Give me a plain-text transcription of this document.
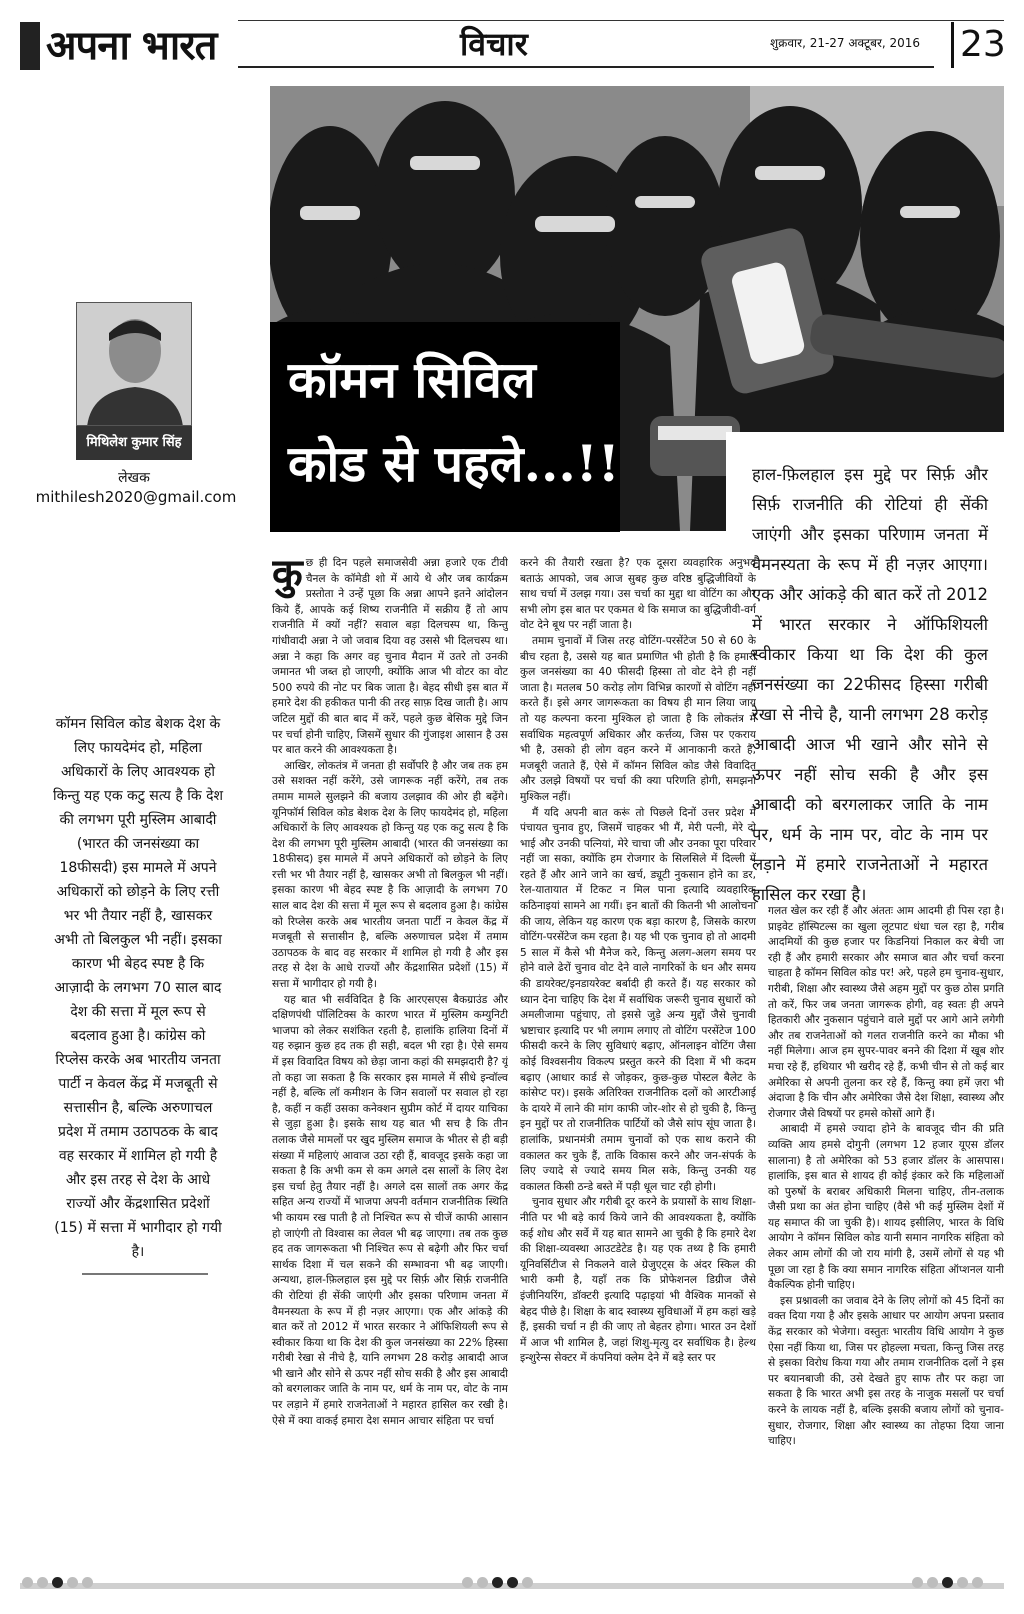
अपना भारत	विचार	शुक्रवार, 21-27 अक्टूबर, 2016 23
कॉमन सिविल
कोड से पहले...!!	हाल-फ़िलहाल इस मुद्दे पर सिर्फ़ और सिर्फ़ राजनीति की रोटियां ही सेंकी जाएंगी और इसका परिणाम जनता में वैमनस्यता के रूप में ही नज़र आएगा। एक और आंकड़े की बात करें तो 2012 में भारत सरकार ने ऑफिशियली स्वीकार किया था कि देश की कुल जनसंख्या का 22फीसद हिस्सा गरीबी रेखा से नीचे है, यानी लगभग 28 करोड़ आबादी आज भी खाने और सोने से ऊपर नहीं सोच सकी है और इस आबादी को बरगलाकर जाति के नाम पर, धर्म के नाम पर, वोट के नाम पर लड़ाने में हमारे राजनेताओं ने महारत हासिल कर रखा है।
मिथिलेश कुमार सिंह
लेखक
mithilesh2020@gmail.com
कॉमन सिविल कोड बेशक देश के लिए फायदेमंद हो, महिला अधिकारों के लिए आवश्यक हो किन्तु यह एक कटु सत्य है कि देश की लगभग पूरी मुस्लिम आबादी (भारत की जनसंख्या का 18फीसदी) इस मामले में अपने अधिकारों को छोड़ने के लिए रत्ती भर भी तैयार नहीं है, खासकर अभी तो बिलकुल भी नहीं। इसका कारण भी बेहद स्पष्ट है कि आज़ादी के लगभग 70 साल बाद देश की सत्ता में मूल रूप से बदलाव हुआ है। कांग्रेस को रिप्लेस करके अब भारतीय जनता पार्टी न केवल केंद्र में मजबूती से सत्तासीन है, बल्कि अरुणाचल प्रदेश में तमाम उठापठक के बाद वह सरकार में शामिल हो गयी है और इस तरह से देश के आधे राज्यों और केंद्रशासित प्रदेशों (15) में सत्ता में भागीदार हो गयी है।

कुछ ही दिन पहले समाजसेवी अन्ना हजारे एक टीवी चैनल के कॉमेडी शो में आये थे और जब कार्यक्रम प्रस्तोता ने उन्हें पूछा कि अन्ना आपने इतने आंदोलन किये हैं, आपके कई शिष्य राजनीति में सक्रीय हैं तो आप राजनीति में क्यों नहीं? सवाल बड़ा दिलचस्प था, किन्तु गांधीवादी अन्ना ने जो जवाब दिया वह उससे भी दिलचस्प था। अन्ना ने कहा कि अगर वह चुनाव मैदान में उतरे तो उनकी जमानत भी जब्त हो जाएगी, क्योंकि आज भी वोटर का वोट 500 रुपये की नोट पर बिक जाता है। बेहद सीधी इस बात में हमारे देश की हकीकत पानी की तरह साफ़ दिख जाती है। आप जटिल मुद्दों की बात बाद में करें, पहले कुछ बेसिक मुद्दे जिन पर चर्चा होनी चाहिए, जिसमें सुधार की गुंजाइश आसान है उस पर बात करने की आवश्यकता है।

आखिर, लोकतंत्र में जनता ही सर्वोपरि है और जब तक हम उसे सशक्त नहीं करेंगे, उसे जागरूक नहीं करेंगे, तब तक तमाम मामले सुलझने की बजाय उलझाव की ओर ही बढ़ेंगे। यूनिफॉर्म सिविल कोड बेशक देश के लिए फायदेमंद हो, महिला अधिकारों के लिए आवश्यक हो किन्तु यह एक कटु सत्य है कि देश की लगभग पूरी मुस्लिम आबादी (भारत की जनसंख्या का 18फीसद) इस मामले में अपने अधिकारों को छोड़ने के लिए रत्ती भर भी तैयार नहीं है, खासकर अभी तो बिलकुल भी नहीं। इसका कारण भी बेहद स्पष्ट है कि आज़ादी के लगभग 70 साल बाद देश की सत्ता में मूल रूप से बदलाव हुआ है। कांग्रेस को रिप्लेस करके अब भारतीय जनता पार्टी न केवल केंद्र में मजबूती से सत्तासीन है, बल्कि अरुणाचल प्रदेश में तमाम उठापठक के बाद वह सरकार में शामिल हो गयी है और इस तरह से देश के आधे राज्यों और केंद्रशासित प्रदेशों (15) में सत्ता में भागीदार हो गयी है।

यह बात भी सर्वविदित है कि आरएसएस बैकग्राउंड और दक्षिणपंथी पॉलिटिक्स के कारण भारत में मुस्लिम कम्युनिटी भाजपा को लेकर सशंकित रहती है, हालांकि हालिया दिनों में यह रुझान कुछ हद तक ही सही, बदल भी रहा है। ऐसे समय में इस विवादित विषय को छेड़ा जाना कहां की समझदारी है? यूं तो कहा जा सकता है कि सरकार इस मामले में सीधे इन्वॉल्व नहीं है, बल्कि लॉ कमीशन के जिन सवालों पर सवाल हो रहा है, कहीं न कहीं उसका कनेक्शन सुप्रीम कोर्ट में दायर याचिका से जुड़ा हुआ है। इसके साथ यह बात भी सच है कि तीन तलाक जैसे मामलों पर खुद मुस्लिम समाज के भीतर से ही बड़ी संख्या में महिलाएं आवाज उठा रही हैं, बावजूद इसके कहा जा सकता है कि अभी कम से कम अगले दस सालों के लिए देश इस चर्चा हेतु तैयार नहीं है। अगले दस सालों तक अगर केंद्र सहित अन्य राज्यों में भाजपा अपनी वर्तमान राजनीतिक स्थिति भी कायम रख पाती है तो निश्चित रूप से चीजें काफी आसान हो जाएंगी तो विश्वास का लेवल भी बढ़ जाएगा। तब तक कुछ हद तक जागरूकता भी निश्चित रूप से बढ़ेगी और फिर चर्चा सार्थक दिशा में चल सकने की सम्भावना भी बढ़ जाएगी। अन्यथा, हाल-फ़िलहाल इस मुद्दे पर सिर्फ़ और सिर्फ़ राजनीति की रोटियां ही सेंकी जाएंगी और इसका परिणाम जनता में वैमनस्यता के रूप में ही नज़र आएगा। एक और आंकड़े की बात करें तो 2012 में भारत सरकार ने ऑफिशियली रूप से स्वीकार किया था कि देश की कुल जनसंख्या का 22% हिस्सा गरीबी रेखा से नीचे है, यानि लगभग 28 करोड़ आबादी आज भी खाने और सोने से ऊपर नहीं सोच सकी है और इस आबादी को बरगलाकर जाति के नाम पर, धर्म के नाम पर, वोट के नाम पर लड़ाने में हमारे राजनेताओं ने महारत हासिल कर रखी है। ऐसे में क्या वाकई हमारा देश समान आचार संहिता पर चर्चा

करने की तैयारी रखता है? एक दूसरा व्यवहारिक अनुभव बताऊं आपको, जब आज सुबह कुछ वरिष्ठ बुद्धिजीवियों के साथ चर्चा में उलझ गया। उस चर्चा का मुद्दा था वोटिंग का और सभी लोग इस बात पर एकमत थे कि समाज का बुद्धिजीवी-वर्ग वोट देने बूथ पर नहीं जाता है।

तमाम चुनावों में जिस तरह वोटिंग-परसेंटेज 50 से 60 के बीच रहता है, उससे यह बात प्रमाणित भी होती है कि हमारी कुल जनसंख्या का 40 फीसदी हिस्सा तो वोट देने ही नहीं जाता है। मतलब 50 करोड़ लोग विभिन्न कारणों से वोटिंग नहीं करते हैं। इसे अगर जागरूकता का विषय ही मान लिया जाय तो यह कल्पना करना मुश्किल हो जाता है कि लोकतंत्र में सर्वाधिक महत्वपूर्ण अधिकार और कर्त्तव्य, जिस पर एकराय भी है, उसको ही लोग वहन करने में आनाकानी करते हैं, मजबूरी जताते हैं, ऐसे में कॉमन सिविल कोड जैसे विवादित और उलझे विषयों पर चर्चा की क्या परिणति होगी, समझना मुश्किल नहीं।

मैं यदि अपनी बात करूं तो पिछले दिनों उत्तर प्रदेश में पंचायत चुनाव हुए, जिसमें चाहकर भी मैं, मेरी पत्नी, मेरे दो भाई और उनकी पत्नियां, मेरे चाचा जी और उनका पूरा परिवार नहीं जा सका, क्योंकि हम रोजगार के सिलसिले में दिल्ली में रहते हैं और आने जाने का खर्च, ड्यूटी नुकसान होने का डर, रेल-यातायात में टिकट न मिल पाना इत्यादि व्यवहारिक कठिनाइयां सामने आ गयीं। इन बातों की कितनी भी आलोचना की जाय, लेकिन यह कारण एक बड़ा कारण है, जिसके कारण वोटिंग-परसेंटेज कम रहता है। यह भी एक चुनाव हो तो आदमी 5 साल में कैसे भी मैनेज करे, किन्तु अलग-अलग समय पर होने वाले ढेरों चुनाव वोट देने वाले नागरिकों के धन और समय की डायरेक्ट/इनडायरेक्ट बर्बादी ही करते हैं। यह सरकार को ध्यान देना चाहिए कि देश में सर्वाधिक जरूरी चुनाव सुधारों को अमलीजामा पहुंचाए, तो इससे जुड़े अन्य मुद्दों जैसे चुनावी भ्रष्टाचार इत्यादि पर भी लगाम लगाए तो वोटिंग परसेंटेज 100 फीसदी करने के लिए सुविधाएं बढ़ाए, ऑनलाइन वोटिंग जैसा कोई विश्वसनीय विकल्प प्रस्तुत करने की दिशा में भी कदम बढ़ाए (आधार कार्ड से जोड़कर, कुछ-कुछ पोस्टल बैलेट के कांसेप्ट पर)। इसके अतिरिक्त राजनीतिक दलों को आरटीआई के दायरे में लाने की मांग काफी जोर-शोर से हो चुकी है, किन्तु इन मुद्दों पर तो राजनीतिक पार्टियों को जैसे सांप सूंघ जाता है। हालांकि, प्रधानमंत्री तमाम चुनावों को एक साथ कराने की वकालत कर चुके हैं, ताकि विकास करने और जन-संपर्क के लिए ज्यादे से ज्यादे समय मिल सके, किन्तु उनकी यह वकालत किसी ठन्डे बस्ते में पड़ी धूल चाट रही होगी।

चुनाव सुधार और गरीबी दूर करने के प्रयासों के साथ शिक्षा-नीति पर भी बड़े कार्य किये जाने की आवश्यकता है, क्योंकि कई शोध और सर्वे में यह बात सामने आ चुकी है कि हमारे देश की शिक्षा-व्यवस्था आउटडेटेड है। यह एक तथ्य है कि हमारी यूनिवर्सिटीज से निकलने वाले ग्रेजुएट्स के अंदर स्किल की भारी कमी है, यहाँ तक कि प्रोफेशनल डिग्रीज जैसे इंजीनियरिंग, डॉक्टरी इत्यादि पढ़ाइयां भी वैश्विक मानकों से बेहद पीछे है। शिक्षा के बाद स्वास्थ्य सुविधाओं में हम कहां खड़े हैं, इसकी चर्चा न ही की जाए तो बेहतर होगा। भारत उन देशों में आज भी शामिल है, जहां शिशु-मृत्यु दर सर्वाधिक है। हेल्थ इन्शुरेन्स सेक्टर में कंपनियां क्लेम देने में बड़े स्तर पर

गलत खेल कर रही हैं और अंततः आम आदमी ही पिस रहा है। प्राइवेट हॉस्पिटल्स का खुला लूटपाट धंधा चल रहा है, गरीब आदमियों की कुछ हजार पर किडनियां निकाल कर बेची जा रही हैं और हमारी सरकार और समाज बात और चर्चा करना चाहता है कॉमन सिविल कोड पर! अरे, पहले हम चुनाव-सुधार, गरीबी, शिक्षा और स्वास्थ्य जैसे अहम मुद्दों पर कुछ ठोस प्रगति तो करें, फिर जब जनता जागरूक होगी, वह स्वतः ही अपने हितकारी और नुकसान पहुंचाने वाले मुद्दों पर आगे आने लगेगी और तब राजनेताओं को गलत राजनीति करने का मौका भी नहीं मिलेगा। आज हम सुपर-पावर बनने की दिशा में खूब शोर मचा रहे हैं, हथियार भी खरीद रहे हैं, कभी चीन से तो कई बार अमेरिका से अपनी तुलना कर रहे हैं, किन्तु क्या हमें ज़रा भी अंदाजा है कि चीन और अमेरिका जैसे देश शिक्षा, स्वास्थ्य और रोजगार जैसे विषयों पर हमसे कोसों आगे हैं।

आबादी में हमसे ज्यादा होने के बावजूद चीन की प्रति व्यक्ति आय हमसे दोगुनी (लगभग 12 हजार यूएस डॉलर सालाना) है तो अमेरिका को 53 हजार डॉलर के आसपास। हालांकि, इस बात से शायद ही कोई इंकार करे कि महिलाओं को पुरुषों के बराबर अधिकारी मिलना चाहिए, तीन-तलाक जैसी प्रथा का अंत होना चाहिए (वैसे भी कई मुस्लिम देशों में यह समाप्त की जा चुकी है)। शायद इसीलिए, भारत के विधि आयोग ने कॉमन सिविल कोड यानी समान नागरिक संहिता को लेकर आम लोगों की जो राय मांगी है, उसमें लोगों से यह भी पूछा जा रहा है कि क्या समान नागरिक संहिता ऑप्शनल यानी वैकल्पिक होनी चाहिए।

इस प्रश्नावली का जवाब देने के लिए लोगों को 45 दिनों का वक्त दिया गया है और इसके आधार पर आयोग अपना प्रस्ताव केंद्र सरकार को भेजेगा। वस्तुतः भारतीय विधि आयोग ने कुछ ऐसा नहीं किया था, जिस पर होहल्ला मचता, किन्तु जिस तरह से इसका विरोध किया गया और तमाम राजनीतिक दलों ने इस पर बयानबाजी की, उसे देखते हुए साफ तौर पर कहा जा सकता है कि भारत अभी इस तरह के नाजुक मसलों पर चर्चा करने के लायक नहीं है, बल्कि इसकी बजाय लोगों को चुनाव-सुधार, रोजगार, शिक्षा और स्वास्थ्य का तोहफा दिया जाना चाहिए।
